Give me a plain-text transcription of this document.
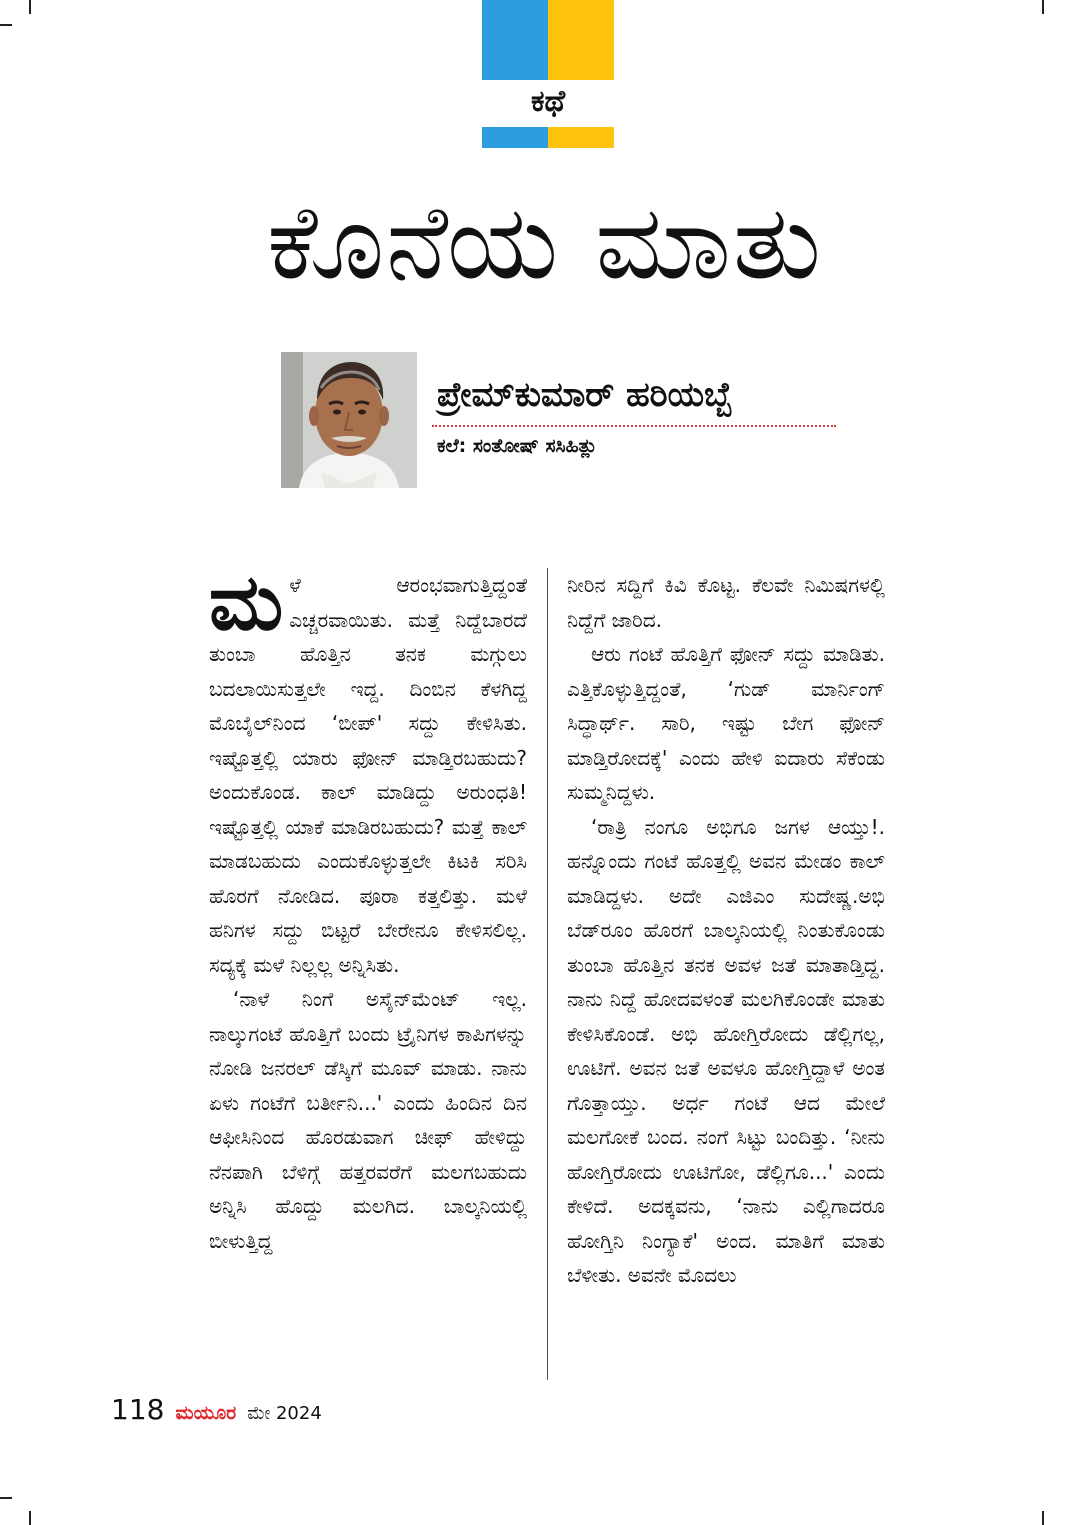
ಕಥೆ
ಕೊನೆಯ ಮಾತು
ಪ್ರೇಮ್‌ಕುಮಾರ್ ಹರಿಯಬ್ಬೆ
ಕಲೆ: ಸಂತೋಷ್ ಸಸಿಹಿತ್ಲು

ಮಳೆ ಆರಂಭವಾಗುತ್ತಿದ್ದಂತೆ ಎಚ್ಚರವಾಯಿತು. ಮತ್ತೆ ನಿದ್ದೆಬಾರದೆ ತುಂಬಾ ಹೊತ್ತಿನ ತನಕ ಮಗ್ಗುಲು ಬದಲಾಯಿಸುತ್ತಲೇ ಇದ್ದ. ದಿಂಬಿನ ಕೆಳಗಿದ್ದ ಮೊಬೈಲ್‌ನಿಂದ ‘ಬೀಪ್' ಸದ್ದು ಕೇಳಿಸಿತು. ಇಷ್ಟೊತ್ತಲ್ಲಿ ಯಾರು ಫೋನ್ ಮಾಡ್ತಿರಬಹುದು? ಅಂದುಕೊಂಡ. ಕಾಲ್ ಮಾಡಿದ್ದು ಅರುಂಧತಿ! ಇಷ್ಟೊತ್ತಲ್ಲಿ ಯಾಕೆ ಮಾಡಿರಬಹುದು? ಮತ್ತೆ ಕಾಲ್ ಮಾಡಬಹುದು ಎಂದುಕೊಳ್ಳುತ್ತಲೇ ಕಿಟಕಿ ಸರಿಸಿ ಹೊರಗೆ ನೋಡಿದ. ಪೂರಾ ಕತ್ತಲಿತ್ತು. ಮಳೆ ಹನಿಗಳ ಸದ್ದು ಬಿಟ್ಟರೆ ಬೇರೇನೂ ಕೇಳಿಸಲಿಲ್ಲ. ಸದ್ಯಕ್ಕೆ ಮಳೆ ನಿಲ್ಲಲ್ಲ ಅನ್ನಿಸಿತು.

‘ನಾಳೆ ನಿಂಗೆ ಅಸೈನ್‌ಮೆಂಟ್ ಇಲ್ಲ. ನಾಲ್ಕುಗಂಟೆ ಹೊತ್ತಿಗೆ ಬಂದು ಟ್ರೈನಿಗಳ ಕಾಪಿಗಳನ್ನು ನೋಡಿ ಜನರಲ್ ಡೆಸ್ಕಿಗೆ ಮೂವ್ ಮಾಡು. ನಾನು ಏಳು ಗಂಟೆಗೆ ಬರ್ತೀನಿ...' ಎಂದು ಹಿಂದಿನ ದಿನ ಆಫೀಸಿನಿಂದ ಹೊರಡುವಾಗ ಚೀಫ್ ಹೇಳಿದ್ದು ನೆನಪಾಗಿ ಬೆಳಿಗ್ಗೆ ಹತ್ತರವರೆಗೆ ಮಲಗಬಹುದು ಅನ್ನಿಸಿ ಹೊದ್ದು ಮಲಗಿದ. ಬಾಲ್ಕನಿಯಲ್ಲಿ ಬೀಳುತ್ತಿದ್ದ

ನೀರಿನ ಸದ್ದಿಗೆ ಕಿವಿ ಕೊಟ್ಟ. ಕೆಲವೇ ನಿಮಿಷಗಳಲ್ಲಿ ನಿದ್ದೆಗೆ ಜಾರಿದ.

ಆರು ಗಂಟೆ ಹೊತ್ತಿಗೆ ಫೋನ್ ಸದ್ದು ಮಾಡಿತು. ಎತ್ತಿಕೊಳ್ಳುತ್ತಿದ್ದಂತೆ, ‘ಗುಡ್ ಮಾರ್ನಿಂಗ್ ಸಿದ್ಧಾರ್ಥ್. ಸಾರಿ, ಇಷ್ಟು ಬೇಗ ಫೋನ್ ಮಾಡ್ತಿರೋದಕ್ಕೆ' ಎಂದು ಹೇಳಿ ಐದಾರು ಸೆಕೆಂಡು ಸುಮ್ಮನಿದ್ದಳು.

‘ರಾತ್ರಿ ನಂಗೂ ಅಭಿಗೂ ಜಗಳ ಆಯ್ತು!. ಹನ್ನೊಂದು ಗಂಟೆ ಹೊತ್ತಲ್ಲಿ ಅವನ ಮೇಡಂ ಕಾಲ್ ಮಾಡಿದ್ದಳು. ಅದೇ ಎಜಿಎಂ ಸುದೇಷ್ಣ.ಅಭಿ ಬೆಡ್‌ರೂಂ ಹೊರಗೆ ಬಾಲ್ಕನಿಯಲ್ಲಿ ನಿಂತುಕೊಂಡು ತುಂಬಾ ಹೊತ್ತಿನ ತನಕ ಅವಳ ಜತೆ ಮಾತಾಡ್ತಿದ್ದ. ನಾನು ನಿದ್ದೆ ಹೋದವಳಂತೆ ಮಲಗಿಕೊಂಡೇ ಮಾತು ಕೇಳಿಸಿಕೊಂಡೆ. ಅಭಿ ಹೋಗ್ತಿರೋದು ಡೆಲ್ಲಿಗಲ್ಲ, ಊಟಿಗೆ. ಅವನ ಜತೆ ಅವಳೂ ಹೋಗ್ತಿದ್ದಾಳೆ ಅಂತ ಗೊತ್ತಾಯ್ತು. ಅರ್ಧ ಗಂಟೆ ಆದ ಮೇಲೆ ಮಲಗೋಕೆ ಬಂದ. ನಂಗೆ ಸಿಟ್ಟು ಬಂದಿತ್ತು. ‘ನೀನು ಹೋಗ್ತಿರೋದು ಊಟಿಗೋ, ಡೆಲ್ಲಿಗೂ...' ಎಂದು ಕೇಳಿದೆ. ಅದಕ್ಕವನು, ‘ನಾನು ಎಲ್ಲಿಗಾದರೂ ಹೋಗ್ತಿನಿ ನಿಂಗ್ಯಾಕೆ' ಅಂದ. ಮಾತಿಗೆ ಮಾತು ಬೆಳೀತು. ಅವನೇ ಮೊದಲು

118 ಮಯೂರ ಮೇ 2024
